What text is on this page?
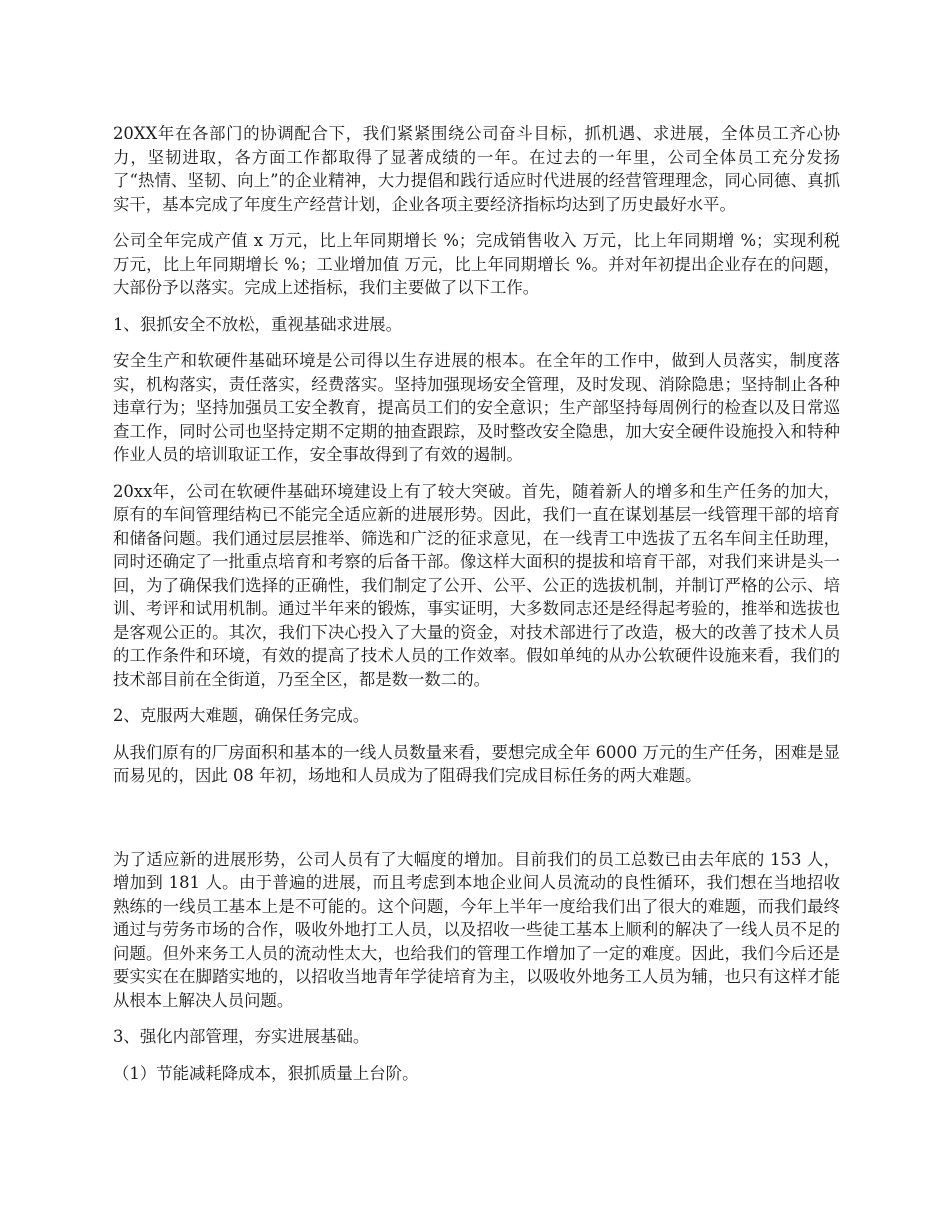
20XX年在各部门的协调配合下，我们紧紧围绕公司奋斗目标，抓机遇、求进展，全体员工齐心协力，坚韧进取，各方面工作都取得了显著成绩的一年。在过去的一年里，公司全体员工充分发扬了“热情、坚韧、向上”的企业精神，大力提倡和践行适应时代进展的经营管理理念，同心同德、真抓实干，基本完成了年度生产经营计划，企业各项主要经济指标均达到了历史最好水平。

公司全年完成产值 x 万元，比上年同期增长 %；完成销售收入 万元，比上年同期增 %；实现利税 万元，比上年同期增长 %；工业增加值 万元，比上年同期增长 %。并对年初提出企业存在的问题，大部份予以落实。完成上述指标，我们主要做了以下工作。

1、狠抓安全不放松，重视基础求进展。

安全生产和软硬件基础环境是公司得以生存进展的根本。在全年的工作中，做到人员落实，制度落实，机构落实，责任落实，经费落实。坚持加强现场安全管理，及时发现、消除隐患；坚持制止各种违章行为；坚持加强员工安全教育，提高员工们的安全意识；生产部坚持每周例行的检查以及日常巡查工作，同时公司也坚持定期不定期的抽查跟踪，及时整改安全隐患，加大安全硬件设施投入和特种作业人员的培训取证工作，安全事故得到了有效的遏制。

20xx年，公司在软硬件基础环境建设上有了较大突破。首先，随着新人的增多和生产任务的加大，原有的车间管理结构已不能完全适应新的进展形势。因此，我们一直在谋划基层一线管理干部的培育和储备问题。我们通过层层推举、筛选和广泛的征求意见，在一线青工中选拔了五名车间主任助理，同时还确定了一批重点培育和考察的后备干部。像这样大面积的提拔和培育干部，对我们来讲是头一回，为了确保我们选择的正确性，我们制定了公开、公平、公正的选拔机制，并制订严格的公示、培训、考评和试用机制。通过半年来的锻炼，事实证明，大多数同志还是经得起考验的，推举和选拔也是客观公正的。其次，我们下决心投入了大量的资金，对技术部进行了改造，极大的改善了技术人员的工作条件和环境，有效的提高了技术人员的工作效率。假如单纯的从办公软硬件设施来看，我们的技术部目前在全街道，乃至全区，都是数一数二的。

2、克服两大难题，确保任务完成。

从我们原有的厂房面积和基本的一线人员数量来看，要想完成全年 6000 万元的生产任务，困难是显而易见的，因此 08 年初，场地和人员成为了阻碍我们完成目标任务的两大难题。

为了适应新的进展形势，公司人员有了大幅度的增加。目前我们的员工总数已由去年底的 153 人，增加到 181 人。由于普遍的进展，而且考虑到本地企业间人员流动的良性循环，我们想在当地招收熟练的一线员工基本上是不可能的。这个问题，今年上半年一度给我们出了很大的难题，而我们最终通过与劳务市场的合作，吸收外地打工人员，以及招收一些徒工基本上顺利的解决了一线人员不足的问题。但外来务工人员的流动性太大，也给我们的管理工作增加了一定的难度。因此，我们今后还是要实实在在脚踏实地的，以招收当地青年学徒培育为主，以吸收外地务工人员为辅，也只有这样才能从根本上解决人员问题。

3、强化内部管理，夯实进展基础。

（1）节能减耗降成本，狠抓质量上台阶。
